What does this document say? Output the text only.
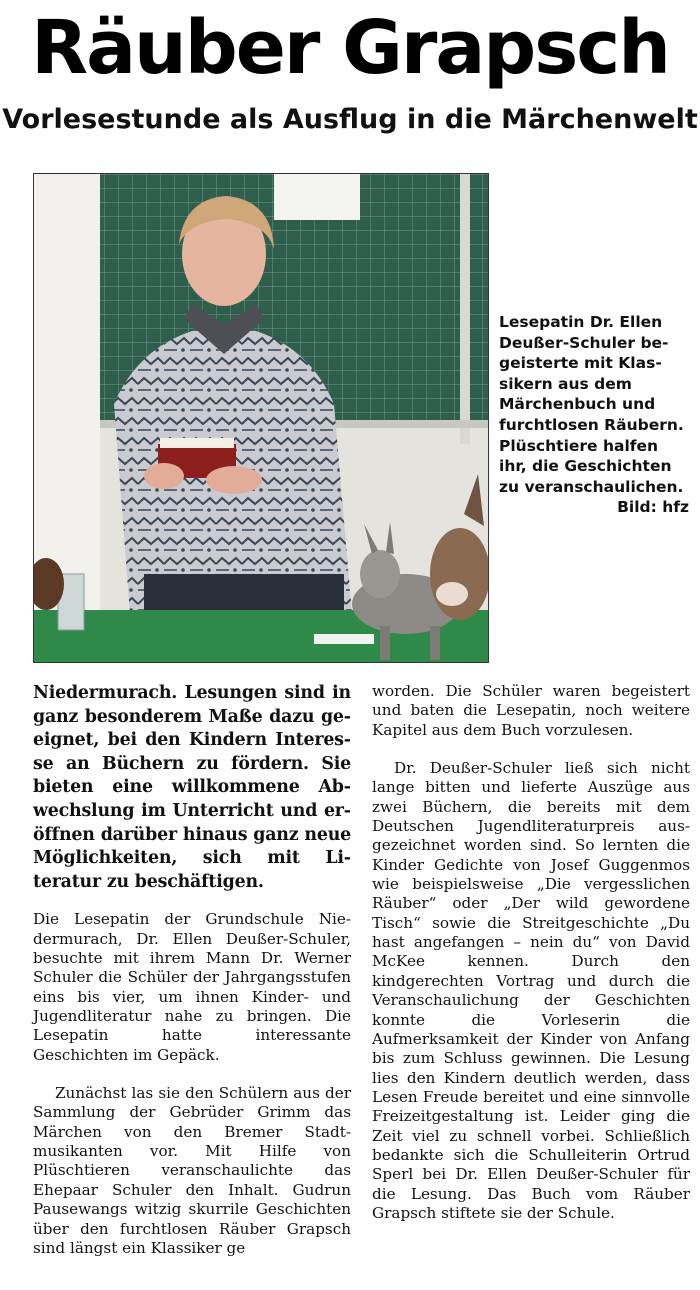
Räuber Grapsch
Vorlesestunde als Ausflug in die Märchenwelt
Lesepatin Dr. Ellen Deußer-Schuler begeisterte mit Klassikern aus dem Märchenbuch und furchtlosen Räubern. Plüschtiere halfen ihr, die Geschichten zu veranschaulichen.
Bild: hfz

Niedermurach. Lesungen sind in ganz besonderem Maße dazu geeignet, bei den Kindern Interesse an Büchern zu fördern. Sie bieten eine willkommene Abwechslung im Unterricht und eröffnen darüber hinaus ganz neue Möglichkeiten, sich mit Literatur zu beschäftigen.

Die Lesepatin der Grundschule Niedermurach, Dr. Ellen Deußer-Schuler, besuchte mit ihrem Mann Dr. Werner Schuler die Schüler der Jahrgangsstufen eins bis vier, um ihnen Kinder- und Jugendliteratur nahe zu bringen. Die Lesepatin hatte interessante Geschichten im Gepäck.

Zunächst las sie den Schülern aus der Sammlung der Gebrüder Grimm das Märchen von den Bremer Stadtmusikanten vor. Mit Hilfe von Plüschtieren veranschaulichte das Ehepaar Schuler den Inhalt. Gudrun Pausewangs witzig skurrile Geschichten über den furchtlosen Räuber Grapsch sind längst ein Klassiker ge

worden. Die Schüler waren begeistert und baten die Lesepatin, noch weitere Kapitel aus dem Buch vorzulesen.

Dr. Deußer-Schuler ließ sich nicht lange bitten und lieferte Auszüge aus zwei Büchern, die bereits mit dem Deutschen Jugendliteraturpreis ausgezeichnet worden sind. So lernten die Kinder Gedichte von Josef Guggenmos wie beispielsweise „Die vergesslichen Räuber“ oder „Der wild gewordene Tisch“ sowie die Streitgeschichte „Du hast angefangen – nein du“ von David McKee kennen. Durch den kindgerechten Vortrag und durch die Veranschaulichung der Geschichten konnte die Vorleserin die Aufmerksamkeit der Kinder von Anfang bis zum Schluss gewinnen. Die Lesung lies den Kindern deutlich werden, dass Lesen Freude bereitet und eine sinnvolle Freizeitgestaltung ist. Leider ging die Zeit viel zu schnell vorbei. Schließlich bedankte sich die Schulleiterin Ortrud Sperl bei Dr. Ellen Deußer-Schuler für die Lesung. Das Buch vom Räuber Grapsch stiftete sie der Schule.
